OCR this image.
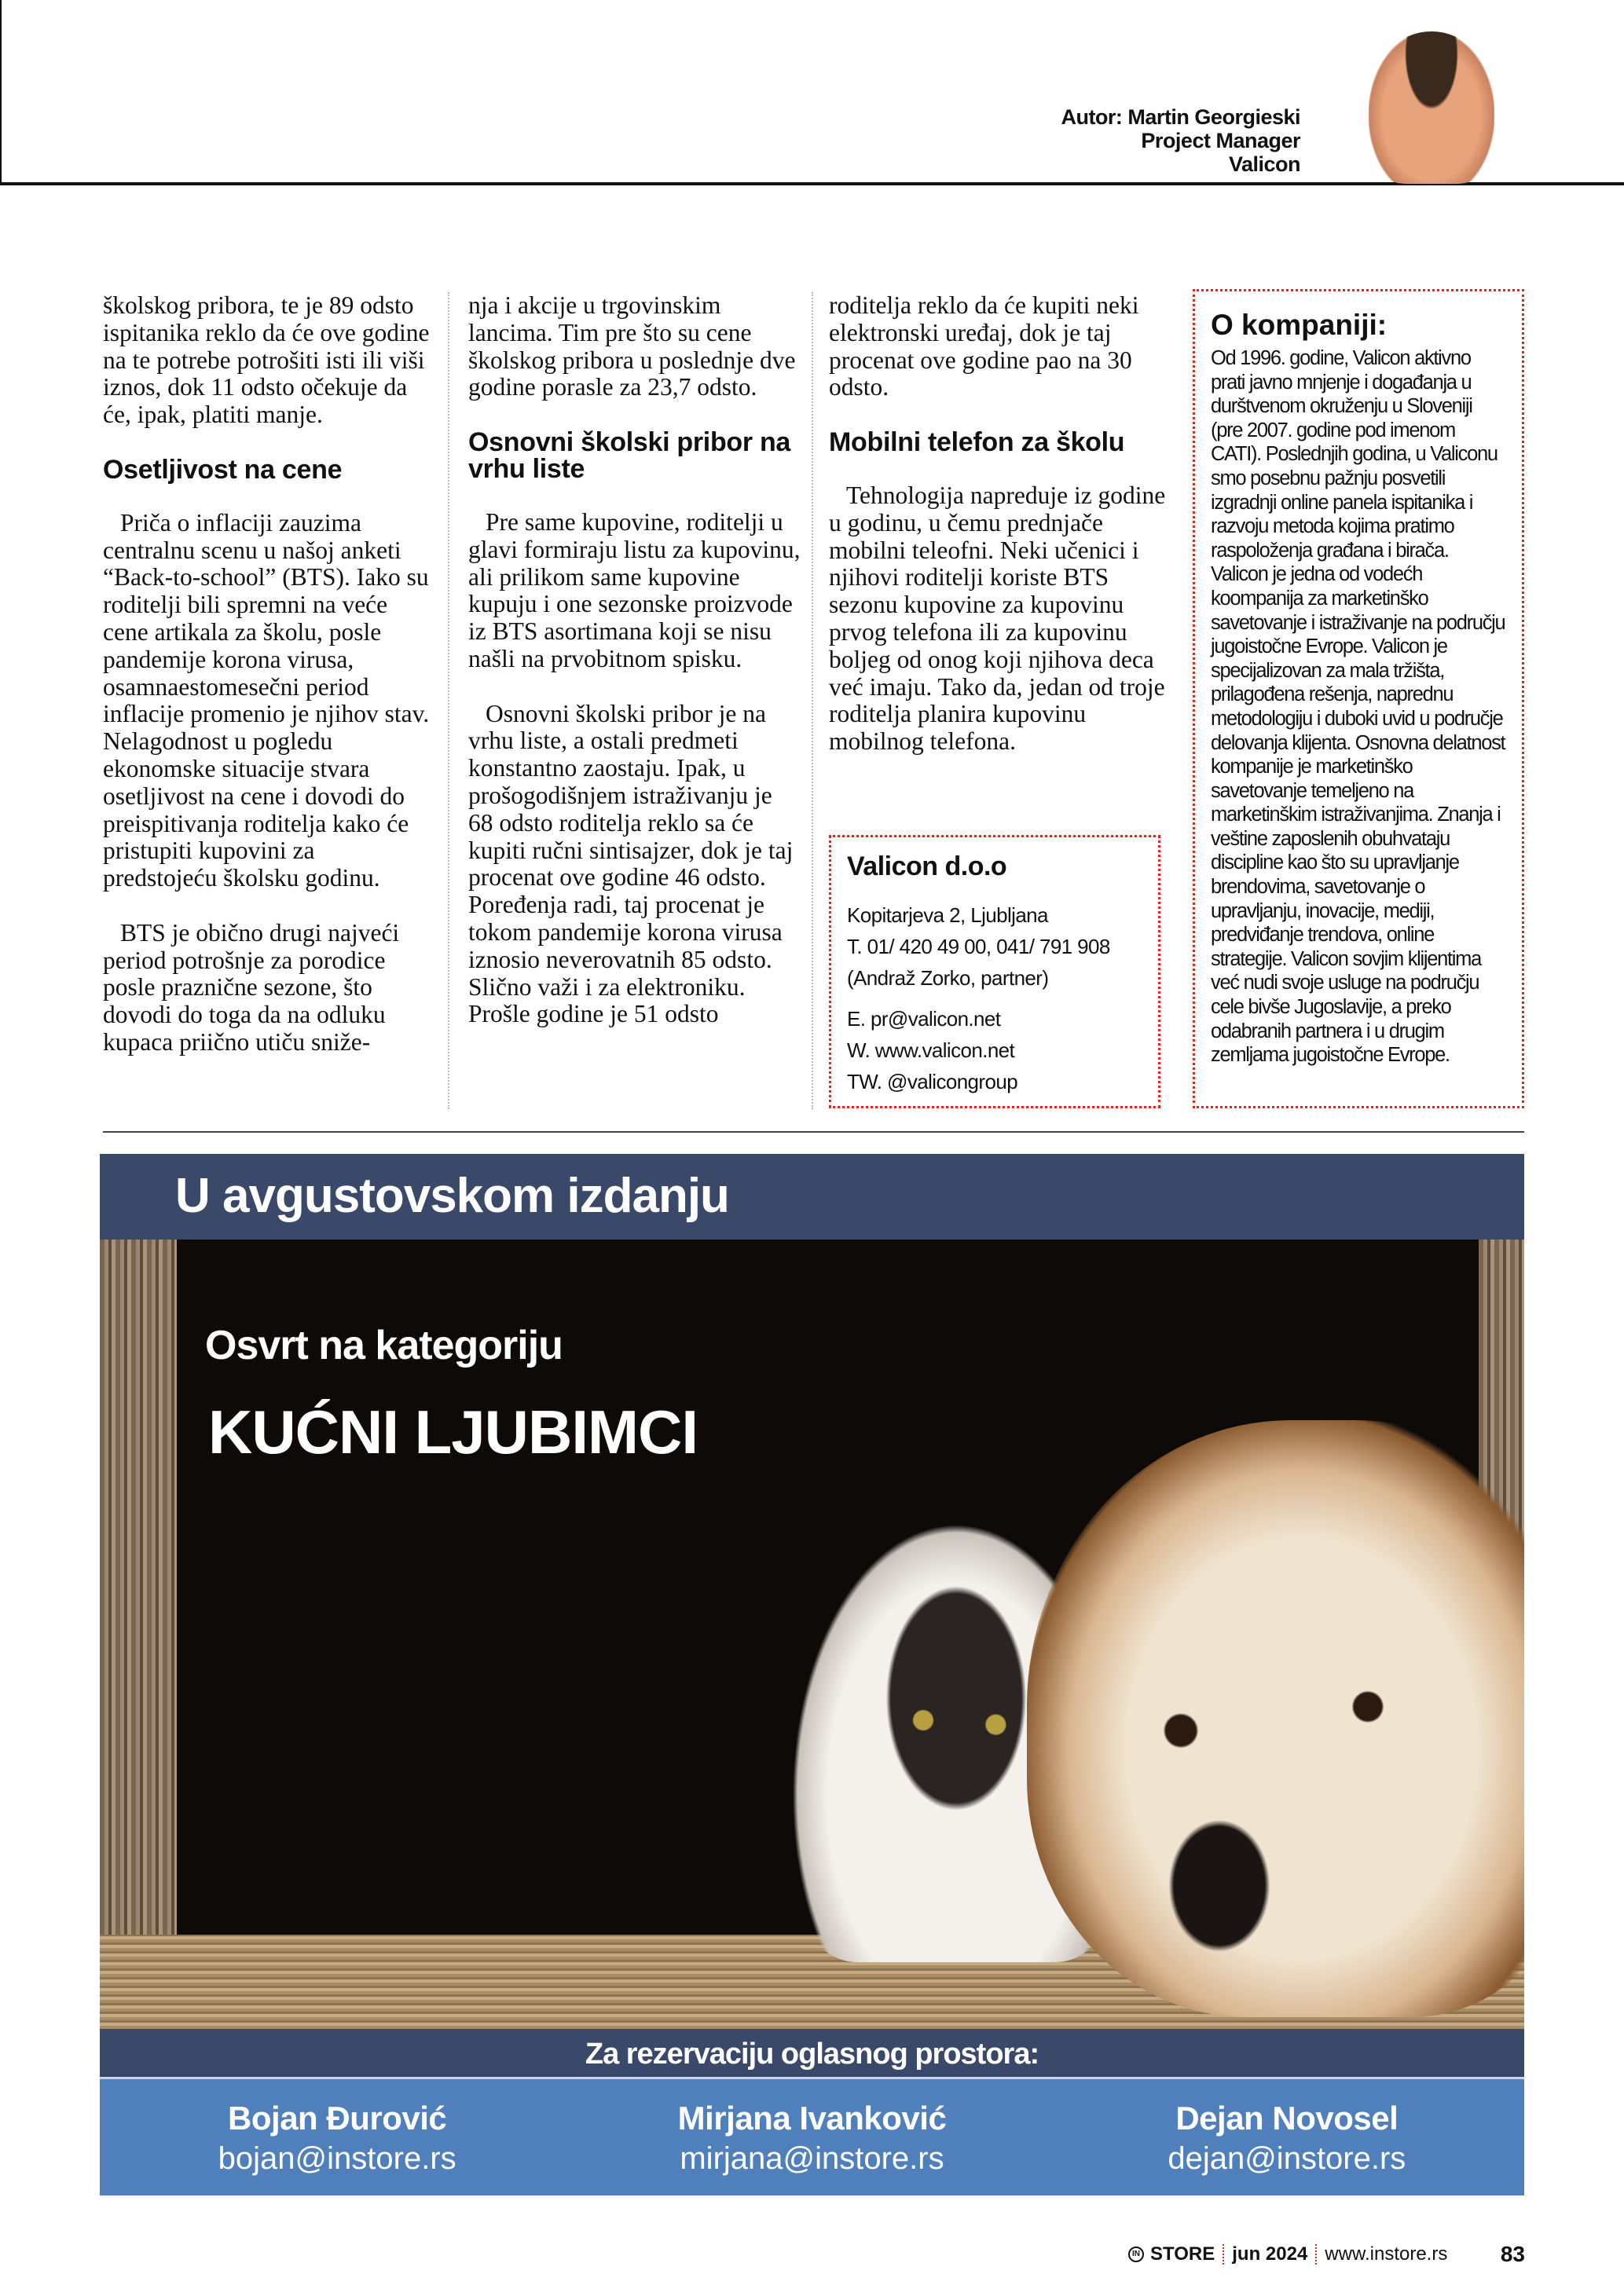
Autor: Martin Georgieski
Project Manager
Valicon

školskog pribora, te je 89 odsto ispitanika reklo da će ove godine na te potrebe potrošiti isti ili viši iznos, dok 11 odsto očekuje da će, ipak, platiti manje.

Osetljivost na cene

Priča o inflaciji zauzima centralnu scenu u našoj anketi “Back-to-school” (BTS). Iako su roditelji bili spremni na veće cene artikala za školu, posle pandemije korona virusa, osamnaestomesečni period inflacije promenio je njihov stav. Nelagodnost u pogledu ekonomske situacije stvara osetljivost na cene i dovodi do preispitivanja roditelja kako će pristupiti kupovini za predstojeću školsku godinu.

BTS je obično drugi najveći period potrošnje za porodice posle praznične sezone, što dovodi do toga da na odluku kupaca priično utiču sniže-

nja i akcije u trgovinskim lancima. Tim pre što su cene školskog pribora u poslednje dve godine porasle za 23,7 odsto.

Osnovni školski pribor na vrhu liste

Pre same kupovine, roditelji u glavi formiraju listu za kupovinu, ali prilikom same kupovine kupuju i one sezonske proizvode iz BTS asortimana koji se nisu našli na prvobitnom spisku.

Osnovni školski pribor je na vrhu liste, a ostali predmeti konstantno zaostaju. Ipak, u prošogodišnjem istraživanju je 68 odsto roditelja reklo sa će kupiti ručni sintisajzer, dok je taj procenat ove godine 46 odsto. Poređenja radi, taj procenat je tokom pandemije korona virusa iznosio neverovatnih 85 odsto. Slično važi i za elektroniku. Prošle godine je 51 odsto

roditelja reklo da će kupiti neki elektronski uređaj, dok je taj procenat ove godine pao na 30 odsto.

Mobilni telefon za školu

Tehnologija napreduje iz godine u godinu, u čemu prednjače mobilni teleofni. Neki učenici i njihovi roditelji koriste BTS sezonu kupovine za kupovinu prvog telefona ili za kupovinu boljeg od onog koji njihova deca već imaju. Tako da, jedan od troje roditelja planira kupovinu mobilnog telefona.

Valicon d.o.o
Kopitarjeva 2, Ljubljana
T. 01/ 420 49 00, 041/ 791 908
(Andraž Zorko, partner)
E. pr@valicon.net
W. www.valicon.net
TW. @valicongroup
O kompaniji:

Od 1996. godine, Valicon aktivno prati javno mnjenje i događanja u durštvenom okruženju u Sloveniji (pre 2007. godine pod imenom CATI). Poslednjih godina, u Valiconu smo posebnu pažnju posvetili izgradnji online panela ispitanika i razvoju metoda kojima pratimo raspoloženja građana i birača. Valicon je jedna od vodećh koompanija za marketinško savetovanje i istraživanje na području jugoistočne Evrope. Valicon je specijalizovan za mala tržišta, prilagođena rešenja, naprednu metodologiju i duboki uvid u područje delovanja klijenta. Osnovna delatnost kompanije je marketinško savetovanje temeljeno na marketinškim istraživanjima. Znanja i veštine zaposlenih obuhvataju discipline kao što su upravljanje brendovima, savetovanje o upravljanju, inovacije, mediji, predviđanje trendova, online strategije. Valicon sovjim klijentima već nudi svoje usluge na području cele bivše Jugoslavije, a preko odabranih partnera i u drugim zemljama jugoistočne Evrope.

U avgustovskom izdanju
Osvrt na kategoriju
KUĆNI LJUBIMCI
Za rezervaciju oglasnog prostora:
Bojan Đurović
bojan@instore.rs
Mirjana Ivanković
mirjana@instore.rs
Dejan Novosel
dejan@instore.rs
IN STORE jun 2024 www.instore.rs 83
